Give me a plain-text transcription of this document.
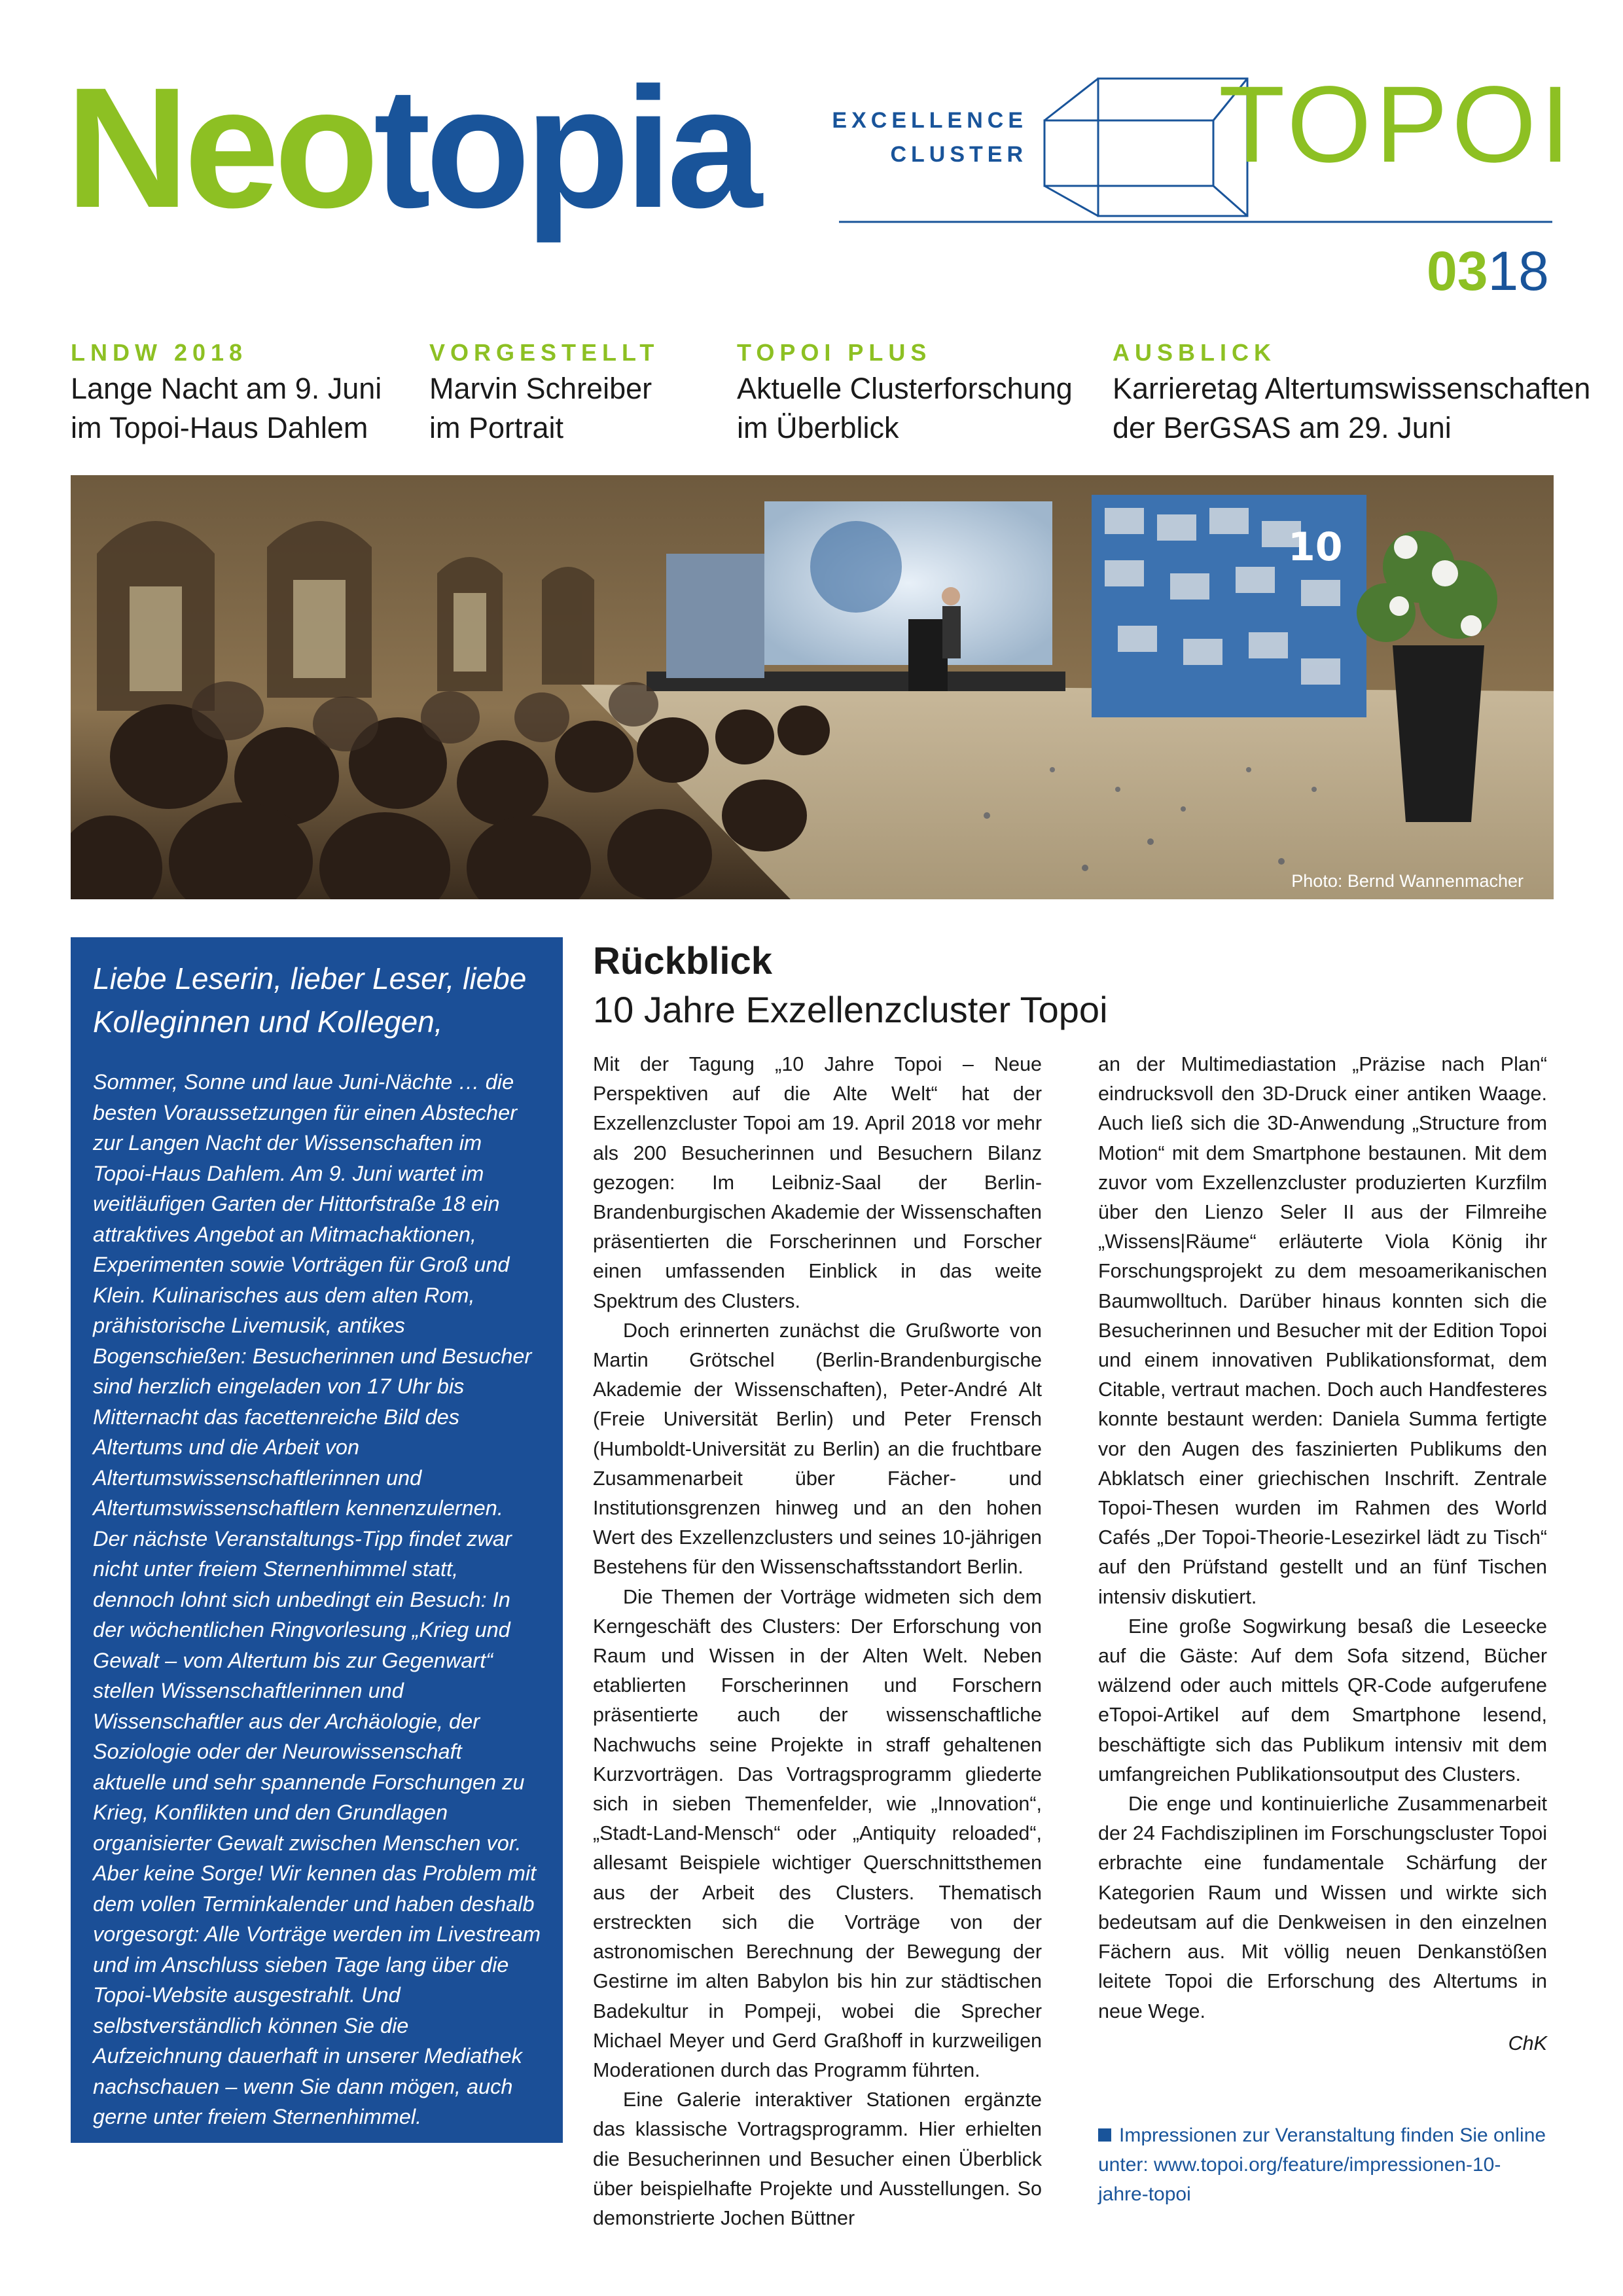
Neotopia	EXCELLENCE
CLUSTER TOPOI
0318
LNDW 2018
Lange Nacht am 9. Juni
im Topoi-Haus Dahlem
VORGESTELLT
Marvin Schreiber
im Portrait
TOPOI PLUS
Aktuelle Clusterforschung
im Überblick
AUSBLICK
Karrieretag Altertumswissenschaften
der BerGSAS am 29. Juni
10
Photo: Bernd Wannenmacher
Liebe Leserin, lieber Leser, liebe Kolleginnen und Kollegen,
Sommer, Sonne und laue Juni-Nächte … die besten Voraussetzungen für einen Abstecher zur Langen Nacht der Wissenschaften im Topoi-Haus Dahlem. Am 9. Juni wartet im weitläufigen Garten der Hittorfstraße 18 ein attraktives Angebot an Mitmachaktionen, Experimenten sowie Vorträgen für Groß und Klein. Kulinarisches aus dem alten Rom, prähistorische Livemusik, antikes Bogenschießen: Besucherinnen und Besucher sind herzlich eingeladen von 17 Uhr bis Mitternacht das facettenreiche Bild des Altertums und die Arbeit von Altertumswissenschaftlerinnen und Altertumswissenschaftlern kennenzulernen. Der nächste Veranstaltungs-Tipp findet zwar nicht unter freiem Sternenhimmel statt, dennoch lohnt sich unbedingt ein Besuch: In der wöchentlichen Ringvorlesung „Krieg und Gewalt – vom Altertum bis zur Gegenwart“ stellen Wissenschaftlerinnen und Wissenschaftler aus der Archäologie, der Soziologie oder der Neurowissenschaft aktuelle und sehr spannende Forschungen zu Krieg, Konflikten und den Grundlagen organisierter Gewalt zwischen Menschen vor. Aber keine Sorge! Wir kennen das Problem mit dem vollen Terminkalender und haben deshalb vorgesorgt: Alle Vorträge werden im Livestream und im Anschluss sieben Tage lang über die Topoi-Website ausgestrahlt. Und selbstverständlich können Sie die Aufzeichnung dauerhaft in unserer Mediathek nachschauen – wenn Sie dann mögen, auch gerne unter freiem Sternenhimmel.
Unterhaltsame Sommernächte wünscht
Ihre Neotopia-Redaktion
Rückblick
10 Jahre Exzellenzcluster Topoi

Mit der Tagung „10 Jahre Topoi – Neue Perspektiven auf die Alte Welt“ hat der Exzellenzcluster Topoi am 19. April 2018 vor mehr als 200 Besucherinnen und Besuchern Bilanz gezogen: Im Leibniz-Saal der Berlin-Brandenburgischen Akademie der Wissenschaften präsentierten die Forscherinnen und Forscher einen umfassenden Einblick in das weite Spektrum des Clusters.

Doch erinnerten zunächst die Grußworte von Martin Grötschel (Berlin-Brandenburgische Akademie der Wissenschaften), Peter-André Alt (Freie Universität Berlin) und Peter Frensch (Humboldt-Universität zu Berlin) an die fruchtbare Zusammenarbeit über Fächer- und Institutionsgrenzen hinweg und an den hohen Wert des Exzellenzclusters und seines 10-jährigen Bestehens für den Wissenschaftsstandort Berlin.

Die Themen der Vorträge widmeten sich dem Kerngeschäft des Clusters: Der Erforschung von Raum und Wissen in der Alten Welt. Neben etablierten Forscherinnen und Forschern präsentierte auch der wissenschaftliche Nachwuchs seine Projekte in straff gehaltenen Kurzvorträgen. Das Vortragsprogramm gliederte sich in sieben Themenfelder, wie „Innovation“, „Stadt-Land-Mensch“ oder „Antiquity reloaded“, allesamt Beispiele wichtiger Querschnittsthemen aus der Arbeit des Clusters. Thematisch erstreckten sich die Vorträge von der astronomischen Berechnung der Bewegung der Gestirne im alten Babylon bis hin zur städtischen Badekultur in Pompeji, wobei die Sprecher Michael Meyer und Gerd Graßhoff in kurzweiligen Moderationen durch das Programm führten.

Eine Galerie interaktiver Stationen ergänzte das klassische Vortragsprogramm. Hier erhielten die Besucherinnen und Besucher einen Überblick über beispielhafte Projekte und Ausstellungen. So demonstrierte Jochen Büttner

an der Multimediastation „Präzise nach Plan“ eindrucksvoll den 3D-Druck einer antiken Waage. Auch ließ sich die 3D-Anwendung „Structure from Motion“ mit dem Smartphone bestaunen. Mit dem zuvor vom Exzellenzcluster produzierten Kurzfilm über den Lienzo Seler II aus der Filmreihe „Wissens|Räume“ erläuterte Viola König ihr Forschungsprojekt zu dem mesoamerikanischen Baumwolltuch. Darüber hinaus konnten sich die Besucherinnen und Besucher mit der Edition Topoi und einem innovativen Publikationsformat, dem Citable, vertraut machen. Doch auch Handfesteres konnte bestaunt werden: Daniela Summa fertigte vor den Augen des faszinierten Publikums den Abklatsch einer griechischen Inschrift. Zentrale Topoi-Thesen wurden im Rahmen des World Cafés „Der Topoi-Theorie-Lesezirkel lädt zu Tisch“ auf den Prüfstand gestellt und an fünf Tischen intensiv diskutiert.

Eine große Sogwirkung besaß die Leseecke auf die Gäste: Auf dem Sofa sitzend, Bücher wälzend oder auch mittels QR-Code aufgerufene eTopoi-Artikel auf dem Smartphone lesend, beschäftigte sich das Publikum intensiv mit dem umfangreichen Publikationsoutput des Clusters.

Die enge und kontinuierliche Zusammenarbeit der 24 Fachdisziplinen im Forschungscluster Topoi erbrachte eine fundamentale Schärfung der Kategorien Raum und Wissen und wirkte sich bedeutsam auf die Denkweisen in den einzelnen Fächern aus. Mit völlig neuen Denkanstößen leitete Topoi die Erforschung des Altertums in neue Wege.

ChK

Impressionen zur Veranstaltung finden Sie online unter: www.topoi.org/feature/impressionen-10-jahre-topoi
